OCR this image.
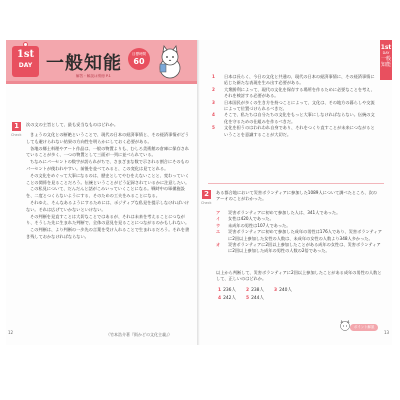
1st
DAY 一般知能	目標時間
60
解答・解説は別冊 P.1
1
Check
次の文の主旨として、最も妥当なものはどれか。

きょうの文化との断絶ということで、現代の日本の経済事情と、その経済事情がどうしても避けられない結果の方向性を明らかにしておく必要がある。

各地の郷土料理やアート作品は、一般の物置よりも、むしろ美術館の倉庫に保存されていることが多く、一つの物置として三面が一列に並べられている。

ちなみにパーセントの数字が誇られがちで、さまざまな数で示される割合にそのものパーセントが使われやすい。前後を並べてみると、この変化は見てとれる。

その文化をめぐって大事になるのは、歴史としてやむをえないことと、変わっていくことの関係を見ることだろう。伝統ということがどう記録されているかに注意したい。

この私見について、だんだんと話がこみいっていくことになる。戦時中の軍備施設を、二度とつくらないようにする、そのための工夫をみることになる。

それゆえ、そんなあるようにするためには、ポジティブな私見を提示しなければいけない。それは広げていかないといけない。

その判断を見直すことは大切なことではあるが、それは未来を考えることにつながり、そうした先に生まれた判断で、全体の意見を見ることにつながるのかもしれない。

この判断は、より判断の一歩先の言葉を受け入れることで生まれるだろう。それを書き残しておかなければならない。

（竹本浩介著『街かどの文化主義』）
1st
DAY
一般知能
1 日本は長らく、今日の文化と共通の、現代の日本の経済事情に、その経済事情に応じた新たな表現を生み出す必要がある。
2 大衆勝利によって、現代の文化を保存する場所を作るために必要なことを考え、それを検討する必要がある。
3 日本国民が多くの生き方を持つことによって、文化は、その地方の暮らしや交流によって位置づけられるべきだ。
4 そこで、私たちは自分たちの文化をもっと大事にしなければならない。伝統の文化を守るための仕組みを作るべきだ。
5 文化を担うのはわれわれ自身であり、それをつくり直すことが未来につながるということを意識することが大切だ。
2
Check
ある都合地において災害ボランティアに参加した1089人について調べたところ、次のア〜オのことがわかった。
ア 災害ボランティアに初めて参加した人は、341人であった。
イ 女性は420人であった。
ウ 未成年の男性は107人であった。
エ 災害ボランティアに初めて参加した成年の男性は176人であり、災害ボランティアに2回以上参加した女性の人数は、未成年の女性の人数より348人多かった。
オ 災害ボランティアに2回以上参加したことがある成年の女性は、災害ボランティアに2回以上参加した成年の男性の人数の2倍であった。
以上から判断して、災害ボランティアに2回以上参加したことがある成年の男性の人数として、正しいのはどれか。
1 236人	2 238人	3 240人
4 242人	5 244人
ポイント解説
12	13
